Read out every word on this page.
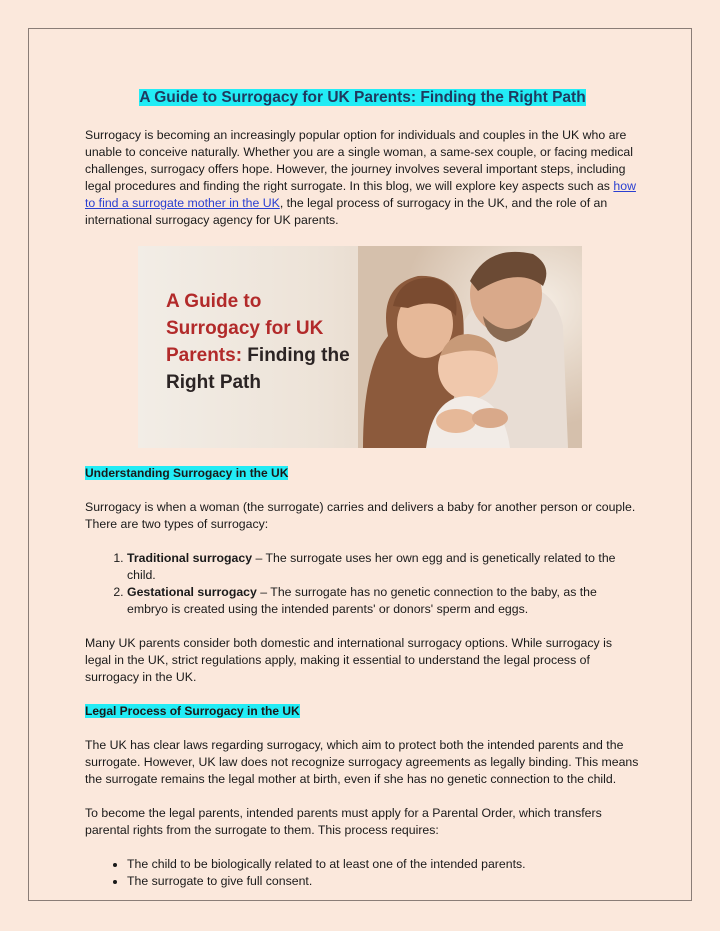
A Guide to Surrogacy for UK Parents: Finding the Right Path

Surrogacy is becoming an increasingly popular option for individuals and couples in the UK who are unable to conceive naturally. Whether you are a single woman, a same-sex couple, or facing medical challenges, surrogacy offers hope. However, the journey involves several important steps, including legal procedures and finding the right surrogate. In this blog, we will explore key aspects such as how to find a surrogate mother in the UK, the legal process of surrogacy in the UK, and the role of an international surrogacy agency for UK parents.

A Guide to
Surrogacy for UK
Parents: Finding the
Right Path
Understanding Surrogacy in the UK

Surrogacy is when a woman (the surrogate) carries and delivers a baby for another person or couple. There are two types of surrogacy:

1. Traditional surrogacy – The surrogate uses her own egg and is genetically related to the child.
2. Gestational surrogacy – The surrogate has no genetic connection to the baby, as the embryo is created using the intended parents' or donors' sperm and eggs.

Many UK parents consider both domestic and international surrogacy options. While surrogacy is legal in the UK, strict regulations apply, making it essential to understand the legal process of surrogacy in the UK.

Legal Process of Surrogacy in the UK

The UK has clear laws regarding surrogacy, which aim to protect both the intended parents and the surrogate. However, UK law does not recognize surrogacy agreements as legally binding. This means the surrogate remains the legal mother at birth, even if she has no genetic connection to the child.

To become the legal parents, intended parents must apply for a Parental Order, which transfers parental rights from the surrogate to them. This process requires:

• The child to be biologically related to at least one of the intended parents.
• The surrogate to give full consent.
